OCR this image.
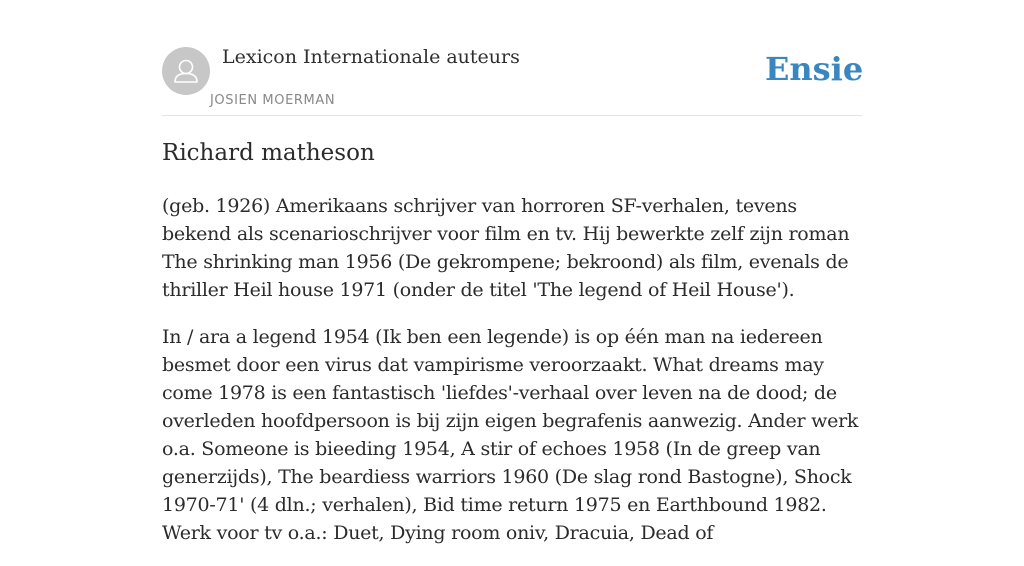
Lexicon Internationale auteurs
JOSIEN MOERMAN
Ensie
Richard matheson

(geb. 1926) Amerikaans schrijver van horroren SF-verhalen, tevens bekend als scenarioschrijver voor film en tv. Hij bewerkte zelf zijn roman The shrinking man 1956 (De gekrompene; bekroond) als film, evenals de thriller Heil house 1971 (onder de titel 'The legend of Heil House').

In / ara a legend 1954 (Ik ben een legende) is op één man na iedereen besmet door een virus dat vampirisme veroorzaakt. What dreams may come 1978 is een fantastisch 'liefdes'-verhaal over leven na de dood; de overleden hoofdpersoon is bij zijn eigen begrafenis aanwezig. Ander werk o.a. Someone is bieeding 1954, A stir of echoes 1958 (In de greep van generzijds), The beardiess warriors 1960 (De slag rond Bastogne), Shock 1970-71' (4 dln.; verhalen), Bid time return 1975 en Earthbound 1982. Werk voor tv o.a.: Duet, Dying room oniv, Dracuia, Dead of
